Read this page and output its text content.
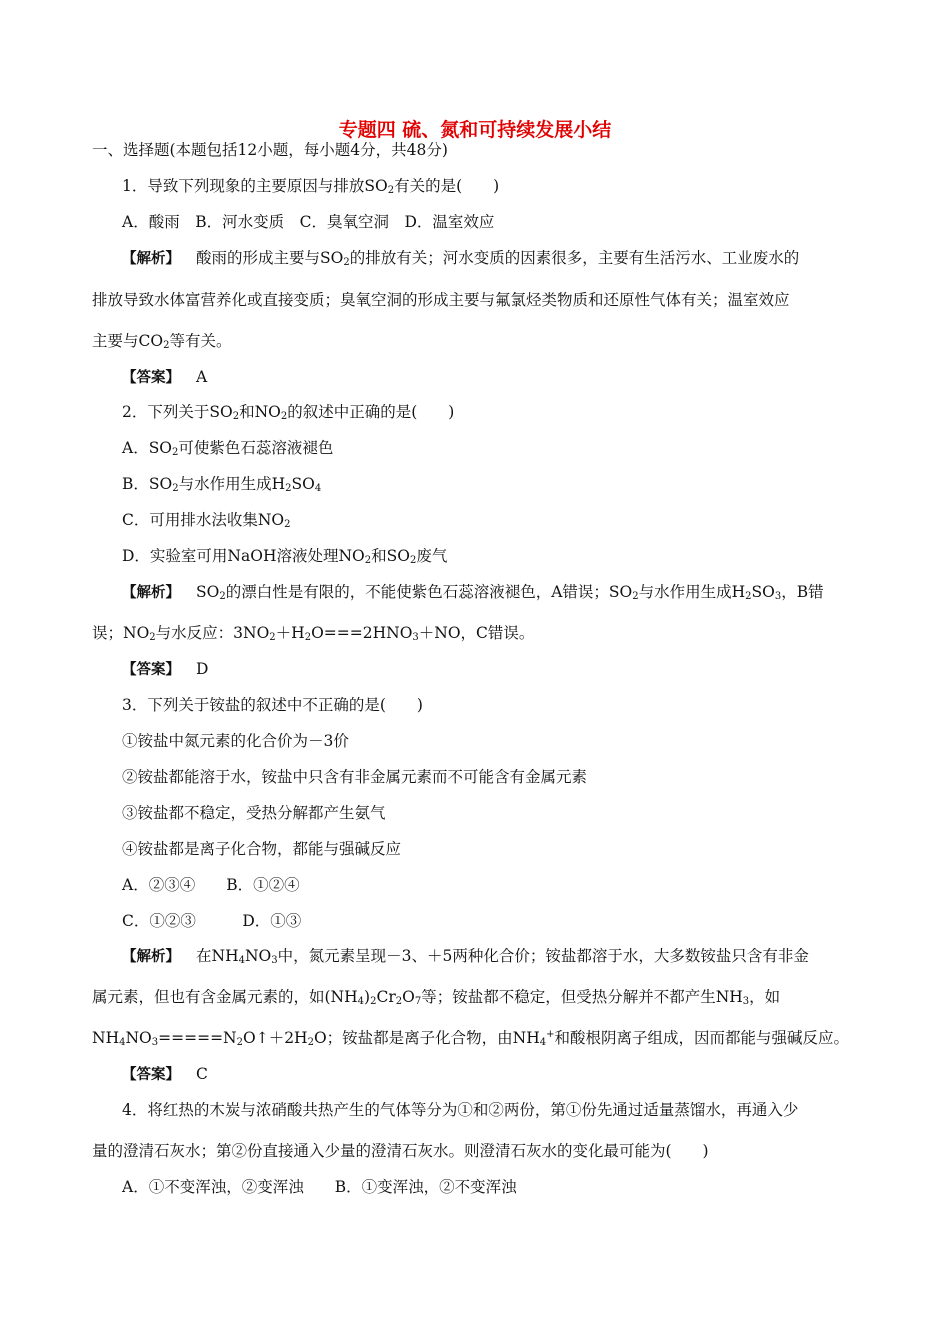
专题四 硫、氮和可持续发展小结
一、选择题(本题包括12小题，每小题4分，共48分)
1．导致下列现象的主要原因与排放$SO_2$有关的是(　　)
A．酸雨　B．河水变质　C．臭氧空洞　D．温室效应
【解析】 酸雨的形成主要与$SO_2$的排放有关；河水变质的因素很多，主要有生活污水、工业废水的
排放导致水体富营养化或直接变质；臭氧空洞的形成主要与氟氯烃类物质和还原性气体有关；温室效应
主要与$CO_2$等有关。
【答案】 A
2．下列关于$SO_2$和$NO_2$的叙述中正确的是(　　)
A．$SO_2$可使紫色石蕊溶液褪色
B．$SO_2$与水作用生成$H_2SO_4$
C．可用排水法收集$NO_2$
D．实验室可用NaOH溶液处理$NO_2$和$SO_2$废气
【解析】 $SO_2$的漂白性是有限的，不能使紫色石蕊溶液褪色，A错误；$SO_2$与水作用生成$H_2SO_3$，B错
误；$NO_2$与水反应：$3NO_2+H_2O===2HNO_3+NO$，C错误。
【答案】 D
3．下列关于铵盐的叙述中不正确的是(　　)
①铵盐中氮元素的化合价为－3价
②铵盐都能溶于水，铵盐中只含有非金属元素而不可能含有金属元素
③铵盐都不稳定，受热分解都产生氨气
④铵盐都是离子化合物，都能与强碱反应
A．②③④　　B．①②④
C．①②③　　　D．①③
【解析】 在$NH_4NO_3$中，氮元素呈现－3、＋5两种化合价；铵盐都溶于水，大多数铵盐只含有非金
属元素，但也有含金属元素的，如$(NH_4)_2Cr_2O_7$等；铵盐都不稳定，但受热分解并不都产生$NH_3$，如
$NH_4NO_3=====N_2O↑+2H_2O$；铵盐都是离子化合物，由$NH_4^+$和酸根阴离子组成，因而都能与强碱反应。
【答案】 C
4．将红热的木炭与浓硝酸共热产生的气体等分为①和②两份，第①份先通过适量蒸馏水，再通入少
量的澄清石灰水；第②份直接通入少量的澄清石灰水。则澄清石灰水的变化最可能为(　　)
A．①不变浑浊，②变浑浊　　B．①变浑浊，②不变浑浊
